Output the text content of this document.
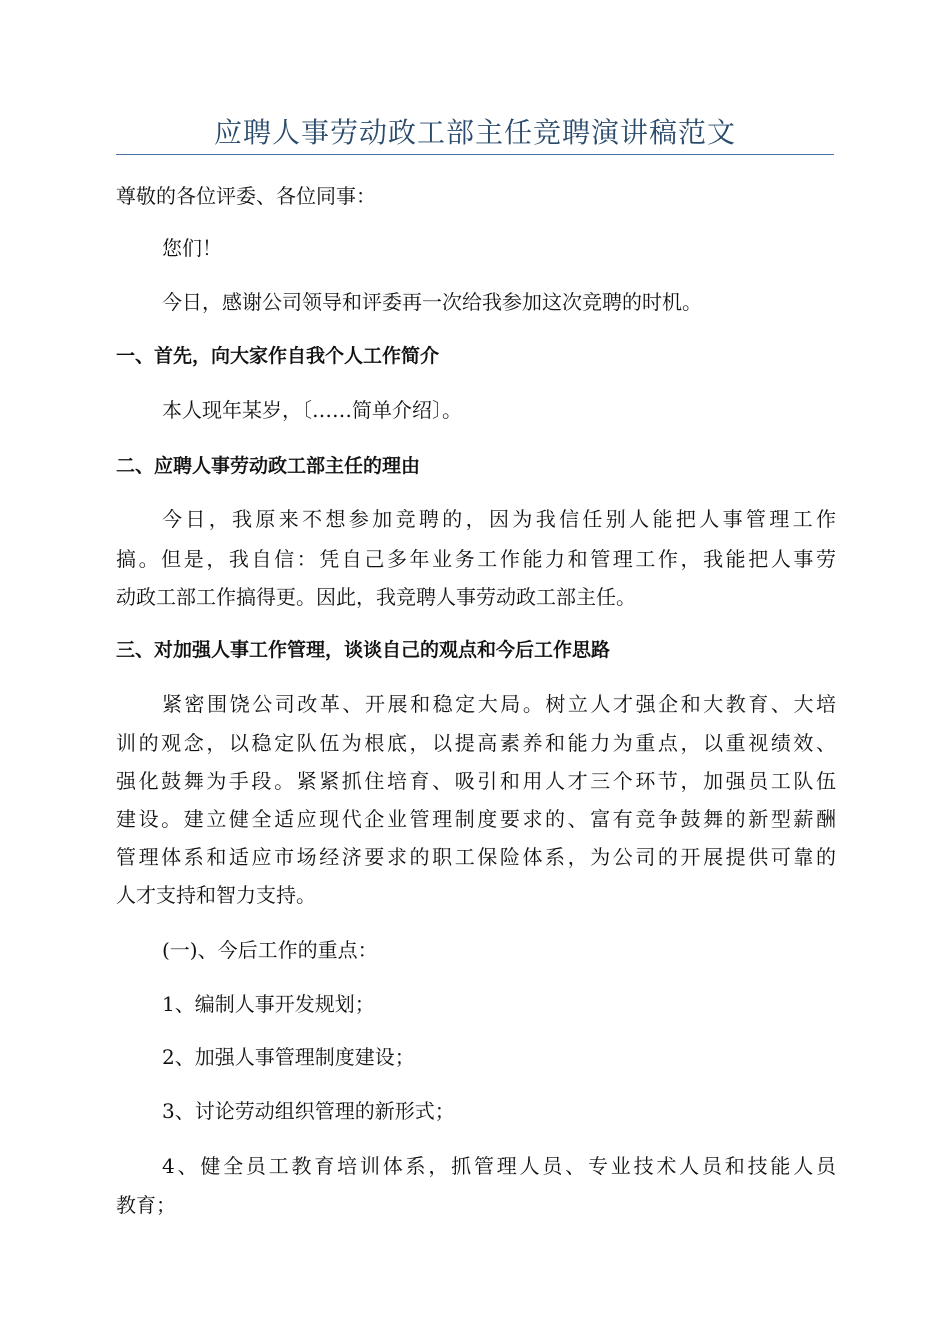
应聘人事劳动政工部主任竞聘演讲稿范文
尊敬的各位评委、各位同事：
您们！
今日，感谢公司领导和评委再一次给我参加这次竞聘的时机。
一、首先，向大家作自我个人工作简介
本人现年某岁，〔……简单介绍〕。
二、应聘人事劳动政工部主任的理由
今日，我原来不想参加竞聘的，因为我信任别人能把人事管理工作
搞。但是，我自信：凭自己多年业务工作能力和管理工作，我能把人事劳
动政工部工作搞得更。因此，我竞聘人事劳动政工部主任。
三、对加强人事工作管理，谈谈自己的观点和今后工作思路
紧密围饶公司改革、开展和稳定大局。树立人才强企和大教育、大培
训的观念，以稳定队伍为根底，以提高素养和能力为重点，以重视绩效、
强化鼓舞为手段。紧紧抓住培育、吸引和用人才三个环节，加强员工队伍
建设。建立健全适应现代企业管理制度要求的、富有竞争鼓舞的新型薪酬
管理体系和适应市场经济要求的职工保险体系，为公司的开展提供可靠的
人才支持和智力支持。
(一)、今后工作的重点：
1、编制人事开发规划；
2、加强人事管理制度建设；
3、讨论劳动组织管理的新形式；
4、健全员工教育培训体系，抓管理人员、专业技术人员和技能人员
教育；
